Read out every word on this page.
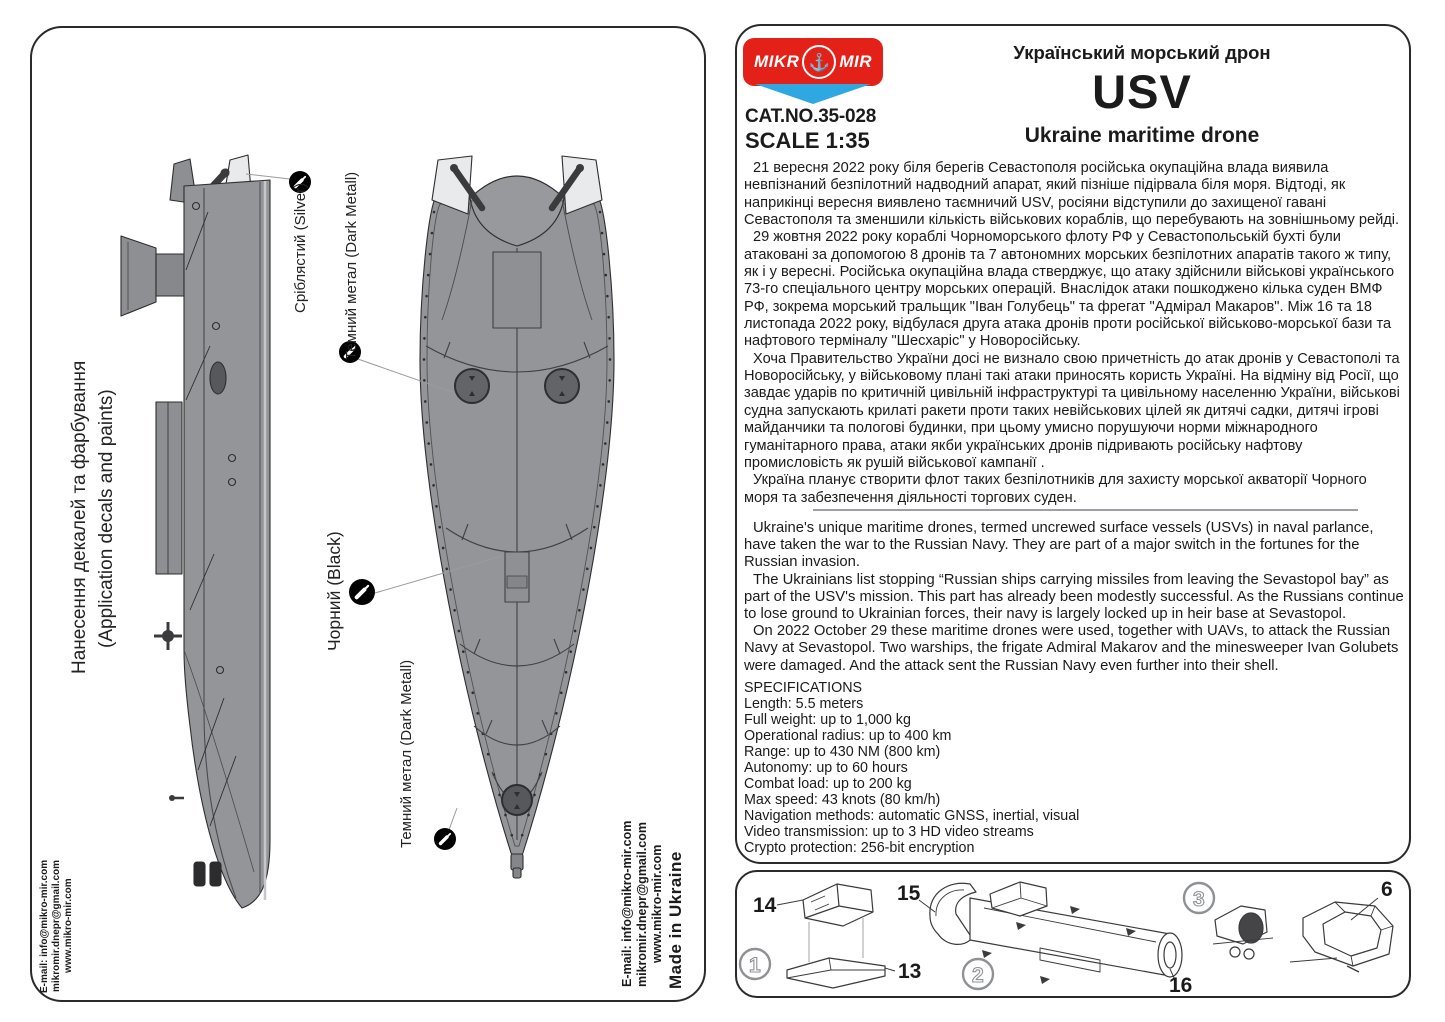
Нанесення декалей та фарбування (Application decals and paints)
Сріблястий (Silver) Темний метал (Dark Metall)
Чорний (Black)
Темний метал (Dark Metall)
E-mail: info@mikro-mir.com mikromir.dnepr@gmail.com www.mikro-mir.com	E-mail: info@mikro-mir.com mikromir.dnepr@gmail.com www.mikro-mir.com Made in Ukraine
MIKR ⚓ MIR
CAT.NO.35-028
SCALE 1:35
Український морський дрон
USV
Ukraine maritime drone

21 вересня 2022 року біля берегів Севастополя російська окупаційна влада виявила невпізнаний безпілотний надводний апарат, який пізніше підірвала біля моря. Відтоді, як наприкінці вересня виявлено таємничий USV, росіяни відступили до захищеної гавані Севастополя та зменшили кількість військових кораблів, що перебувають на зовнішньому рейді.

29 жовтня 2022 року кораблі Чорноморського флоту РФ у Севастопольській бухті були атаковані за допомогою 8 дронів та 7 автономних морських безпілотних апаратів такого ж типу, як і у вересні. Російська окупаційна влада стверджує, що атаку здійснили військові українського 73-го спеціального центру морських операцій. Внаслідок атаки пошкоджено кілька суден ВМФ РФ, зокрема морський тральщик "Іван Голубець" та фрегат "Адмірал Макаров". Між 16 та 18 листопада 2022 року, відбулася друга атака дронів проти російської військово-морської бази та нафтового терміналу "Шесхаріс" у Новоросійську.

Хоча Правительство України досі не визнало свою причетність до атак дронів у Севастополі та Новоросійську, у військовому плані такі атаки приносять користь Україні. На відміну від Росії, що завдає ударів по критичній цивільній інфраструктурі та цивільному населенню України, військові судна запускають крилаті ракети проти таких невійськових цілей як дитячі садки, дитячі ігрові майданчики та пологові будинки, при цьому умисно порушуючи норми міжнародного гуманітарного права, атаки якби українських дронів підривають російську нафтову промисловість як рушій військової кампанії .

Україна планує створити флот таких безпілотників для захисту морської акваторії Чорного моря та забезпечення діяльності торгових суден.

Ukraine's unique maritime drones, termed uncrewed surface vessels (USVs) in naval parlance, have taken the war to the Russian Navy. They are part of a major switch in the fortunes for the Russian invasion.

The Ukrainians list stopping “Russian ships carrying missiles from leaving the Sevastopol bay” as part of the USV's mission. This part has already been modestly successful. As the Russians continue to lose ground to Ukrainian forces, their navy is largely locked up in heir base at Sevastopol.

On 2022 October 29 these maritime drones were used, together with UAVs, to attack the Russian Navy at Sevastopol. Two warships, the frigate Admiral Makarov and the minesweeper Ivan Golubets were damaged. And the attack sent the Russian Navy even further into their shell.

SPECIFICATIONS
Length: 5.5 meters
Full weight: up to 1,000 kg
Operational radius: up to 400 km
Range: up to 430 NM (800 km)
Autonomy: up to 60 hours
Combat load: up to 200 kg
Max speed: 43 knots (80 km/h)
Navigation methods: automatic GNSS, inertial, visual
Video transmission: up to 3 HD video streams
Crypto protection: 256-bit encryption
1	2
3
14
13
15
16
6
